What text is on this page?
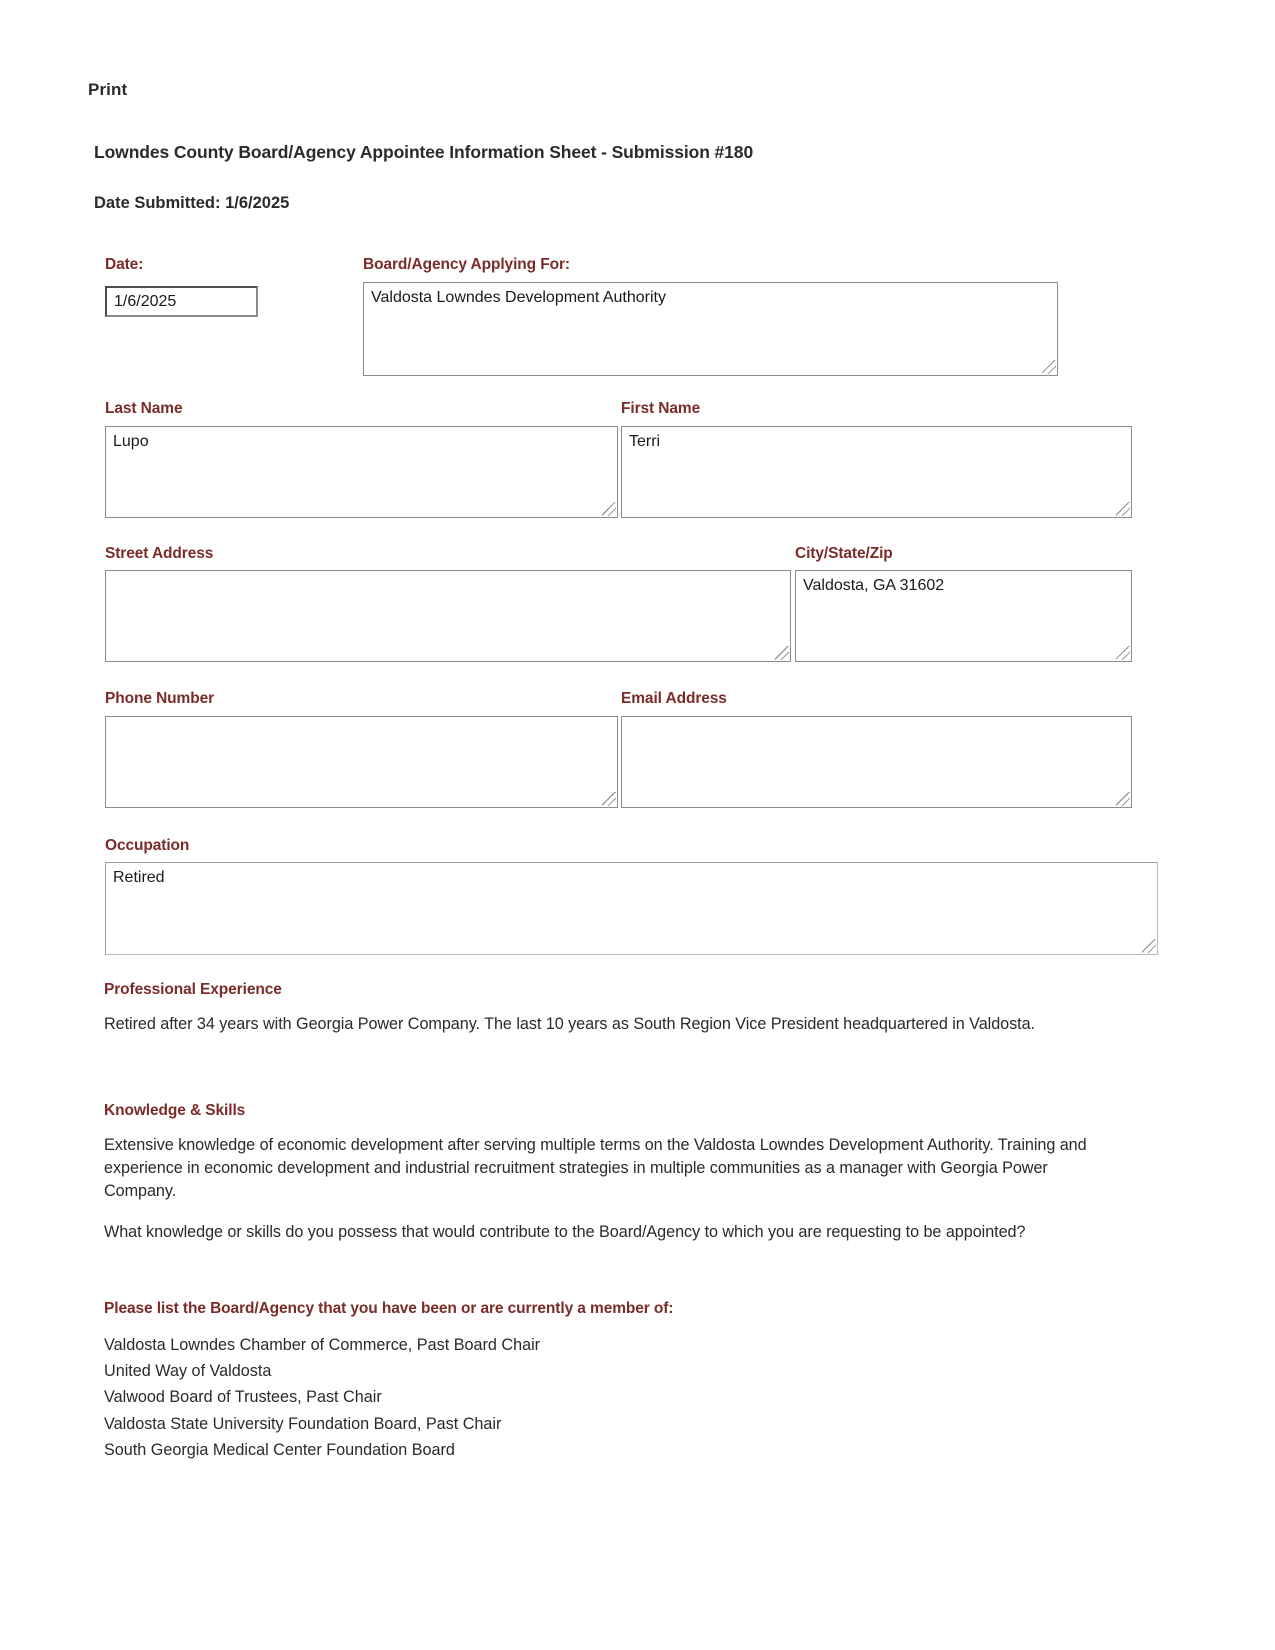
Print
Lowndes County Board/Agency Appointee Information Sheet - Submission #180
Date Submitted: 1/6/2025
Date:
1/6/2025
Board/Agency Applying For:
Valdosta Lowndes Development Authority
Last Name
Lupo
First Name
Terri
Street Address	City/State/Zip
Valdosta, GA 31602
Phone Number	Email Address
Occupation
Retired
Professional Experience

Retired after 34 years with Georgia Power Company. The last 10 years as South Region Vice President headquartered in Valdosta.

Knowledge & Skills

Extensive knowledge of economic development after serving multiple terms on the Valdosta Lowndes Development Authority. Training and experience in economic development and industrial recruitment strategies in multiple communities as a manager with Georgia Power Company.

What knowledge or skills do you possess that would contribute to the Board/Agency to which you are requesting to be appointed?

Please list the Board/Agency that you have been or are currently a member of:
Valdosta Lowndes Chamber of Commerce, Past Board Chair
United Way of Valdosta
Valwood Board of Trustees, Past Chair
Valdosta State University Foundation Board, Past Chair
South Georgia Medical Center Foundation Board
